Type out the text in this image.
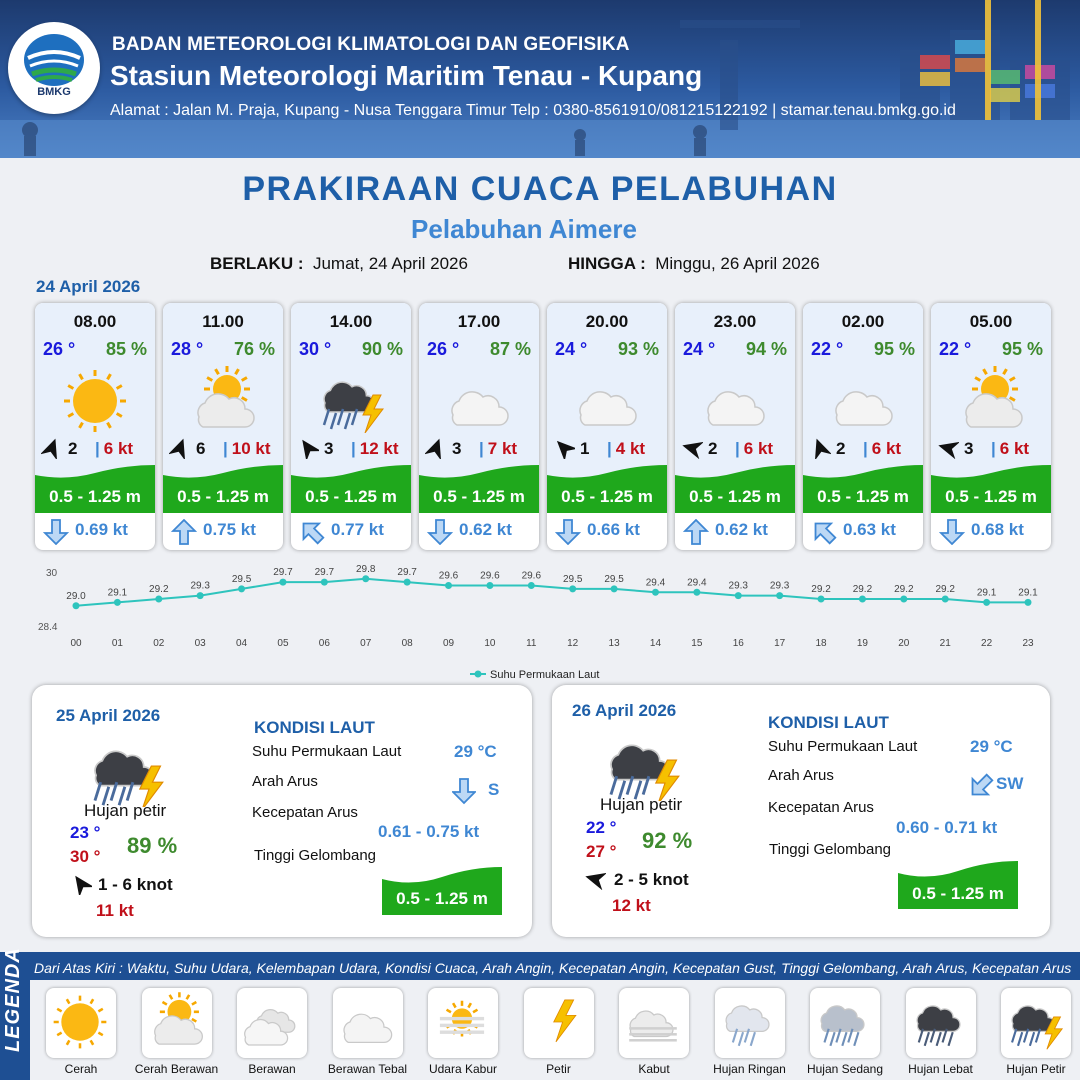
BMKG
BADAN METEOROLOGI KLIMATOLOGI DAN GEOFISIKA
Stasiun Meteorologi Maritim Tenau - Kupang
Alamat : Jalan M. Praja, Kupang - Nusa Tenggara Timur Telp : 0380-8561910/081215122192 | stamar.tenau.bmkg.go.id
PRAKIRAAN CUACA PELABUHAN
Pelabuhan Aimere
BERLAKU : Jumat, 24 April 2026	HINGGA : Minggu, 26 April 2026
24 April 2026
08.00
26 ° 85 %
2 | 6 kt
0.5 - 1.25 m
0.69 kt
11.00
28 ° 76 %
6 | 10 kt
0.5 - 1.25 m
0.75 kt
14.00
30 ° 90 %
3 | 12 kt
0.5 - 1.25 m
0.77 kt
17.00
26 ° 87 %
3 | 7 kt
0.5 - 1.25 m
0.62 kt
20.00
24 ° 93 %
1 | 4 kt
0.5 - 1.25 m
0.66 kt
23.00
24 ° 94 %
2 | 6 kt
0.5 - 1.25 m
0.62 kt
02.00
22 ° 95 %
2 | 6 kt
0.5 - 1.25 m
0.63 kt
05.00
22 ° 95 %
3 | 6 kt
0.5 - 1.25 m
0.68 kt
30
28.4
29.0
00
29.1
01
29.2
02
29.3
03
29.5
04
29.7
05
29.7
06
29.8
07
29.7
08
29.6
09
29.6
10
29.6
11
29.5
12
29.5
13
29.4
14
29.4
15
29.3
16
29.3
17
29.2
18
29.2
19
29.2
20
29.2
21
29.1
22
29.1
23
Suhu Permukaan Laut
25 April 2026
Hujan petir
23 °
30 ° 89 %
1 - 6 knot
11 kt
KONDISI LAUT
Suhu Permukaan Laut	29 °C
Arah Arus	S
Kecepatan Arus
0.61 - 0.75 kt
Tinggi Gelombang
0.5 - 1.25 m
26 April 2026
Hujan petir
22 °
27 ° 92 %
2 - 5 knot
12 kt
KONDISI LAUT
Suhu Permukaan Laut	29 °C
Arah Arus	SW
Kecepatan Arus
0.60 - 0.71 kt
Tinggi Gelombang
0.5 - 1.25 m
LEGENDA Dari Atas Kiri : Waktu, Suhu Udara, Kelembapan Udara, Kondisi Cuaca, Arah Angin, Kecepatan Angin, Kecepatan Gust, Tinggi Gelombang, Arah Arus, Kecepatan Arus
Cerah	Cerah Berawan	Berawan	Berawan Tebal	Udara Kabur	Petir	Kabut	Hujan Ringan	Hujan Sedang	Hujan Lebat	Hujan Petir
